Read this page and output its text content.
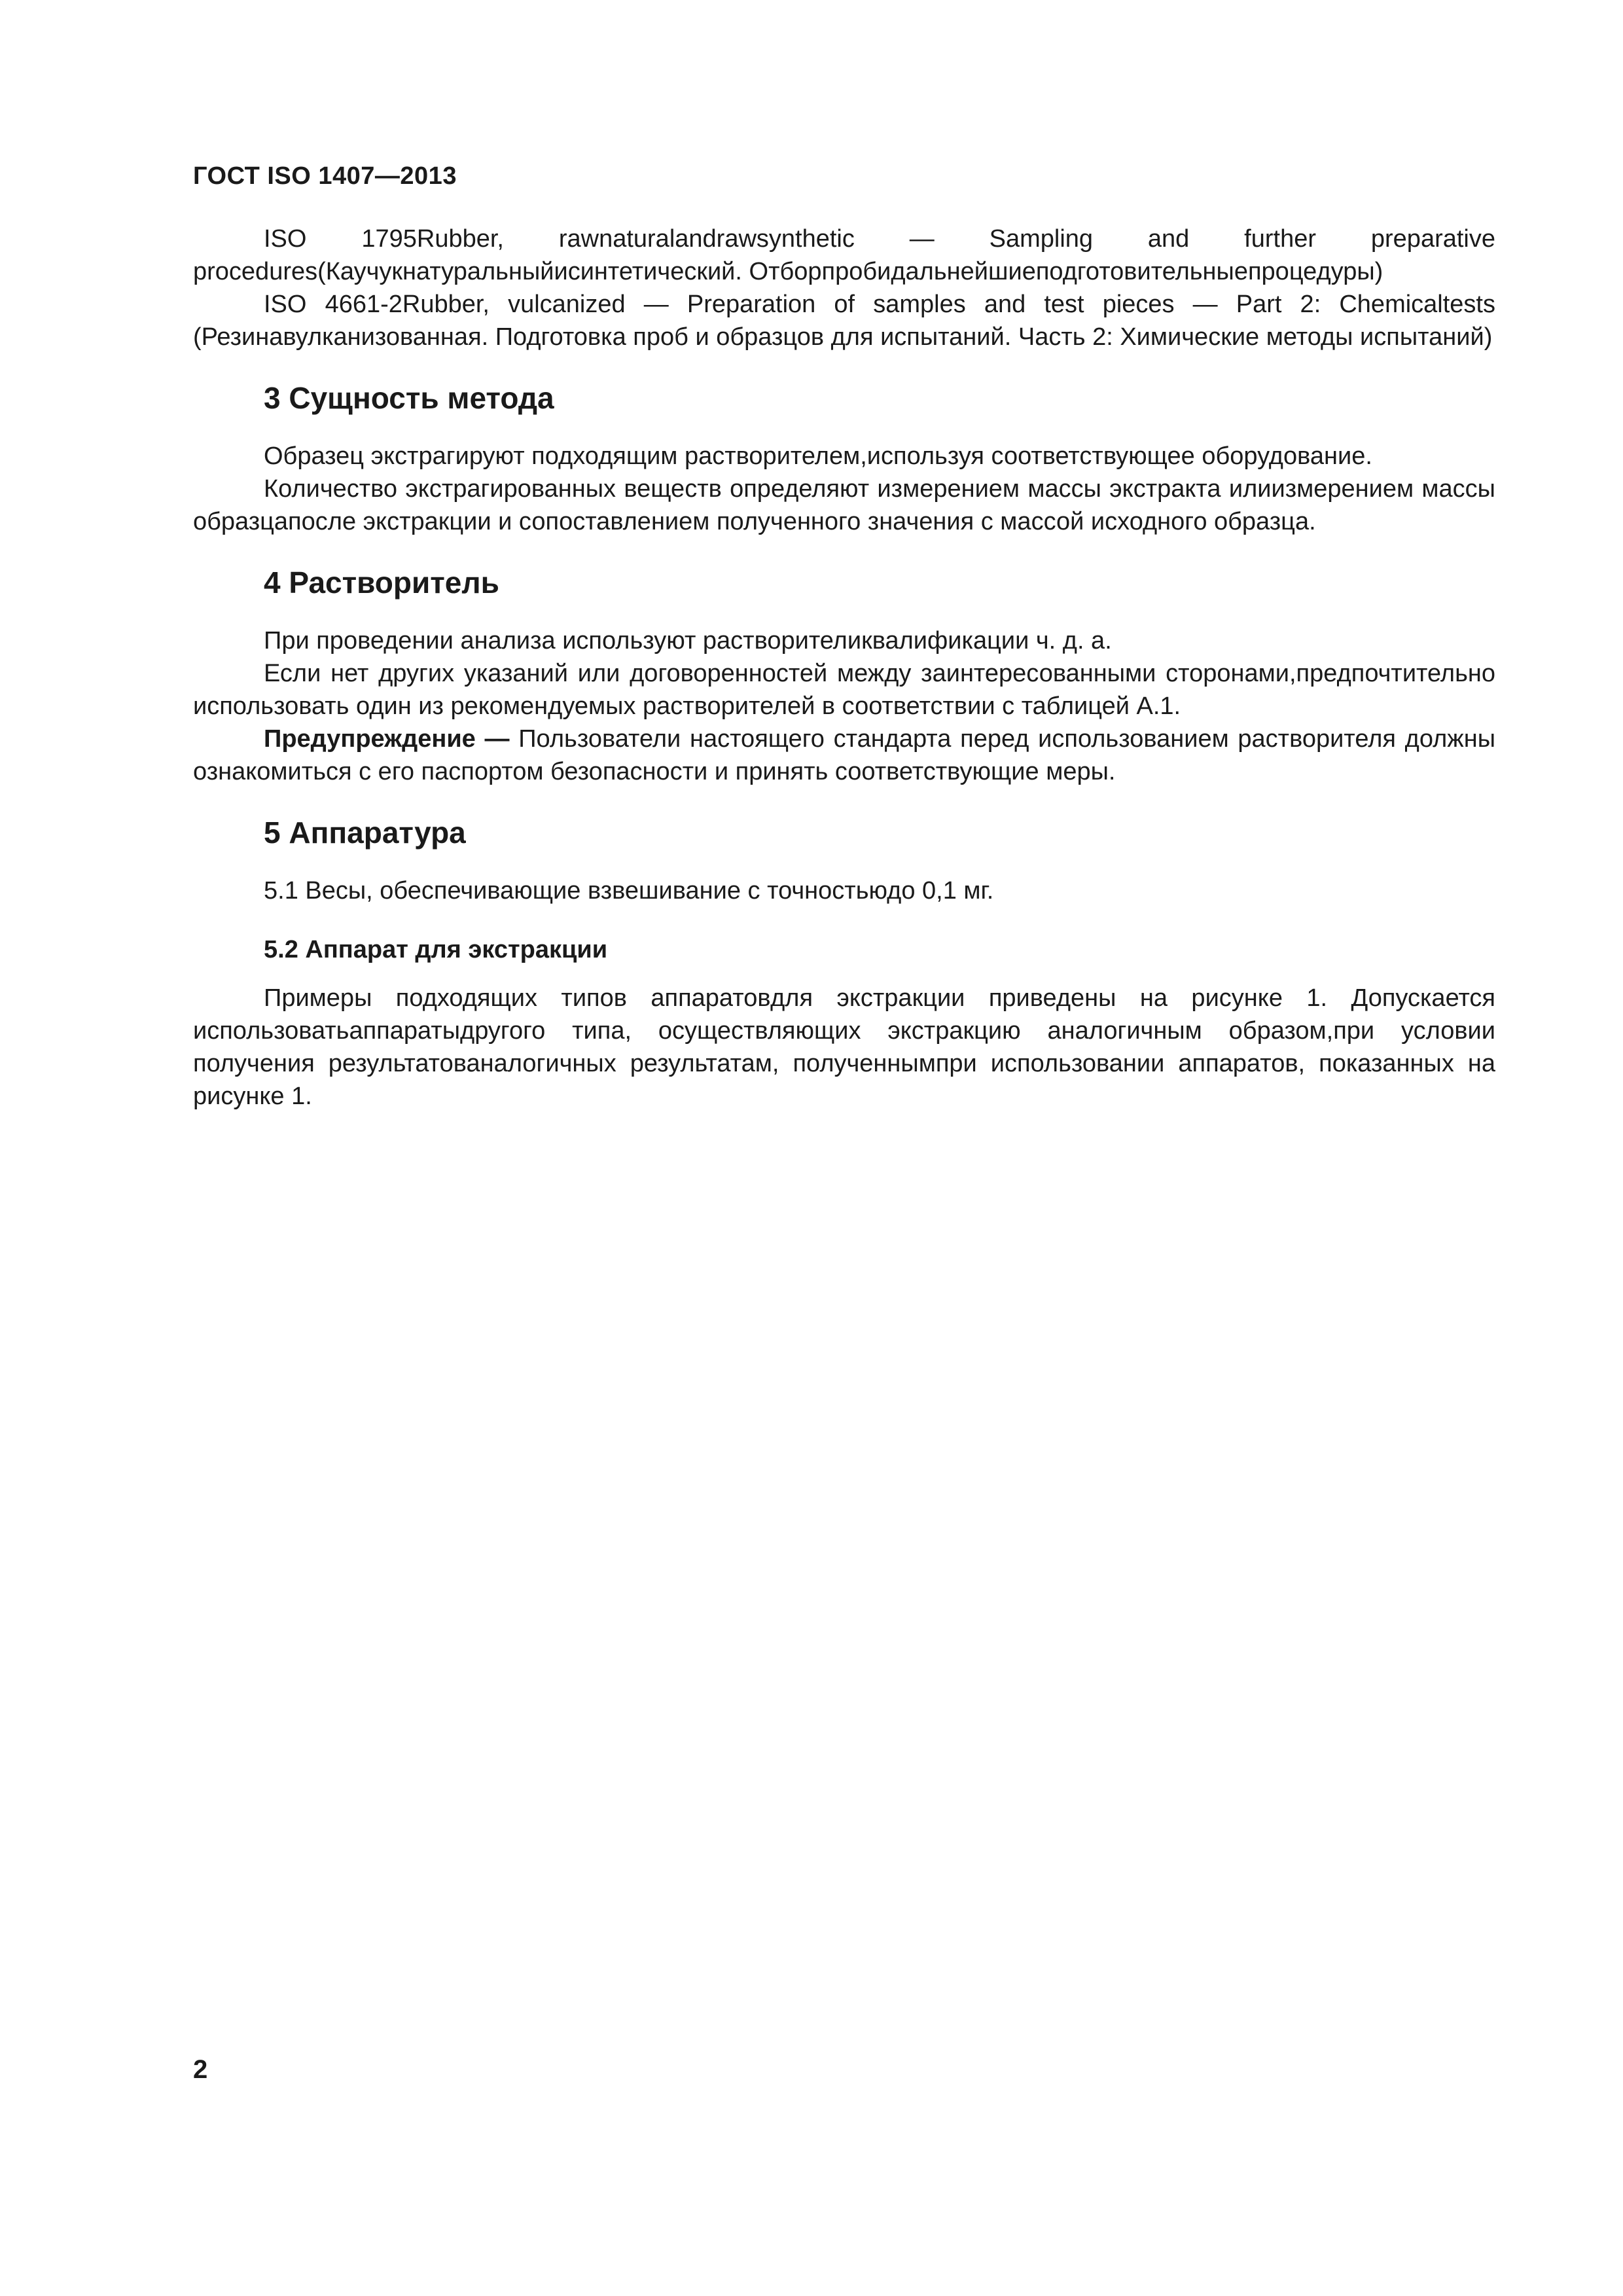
ГОСТ ISO 1407—2013

ISO 1795Rubber, rawnaturalandrawsynthetic — Sampling and further preparative procedures(Каучукнатуральныйисинтетический. Отборпробидальнейшиеподготовительныепроцедуры)

ISO 4661-2Rubber, vulcanized — Preparation of samples and test pieces — Part 2: Chemicaltests (Резинавулканизованная. Подготовка проб и образцов для испытаний. Часть 2: Химические методы испытаний)

3 Сущность метода

Образец экстрагируют подходящим растворителем,используя соответствующее оборудование.

Количество экстрагированных веществ определяют измерением массы экстракта илиизмерением массы образцапосле экстракции и сопоставлением полученного значения с массой исходного образца.

4 Растворитель

При проведении анализа используют растворителиквалификации ч. д. а.

Если нет других указаний или договоренностей между заинтересованными сторонами,предпочтительно использовать один из рекомендуемых растворителей в соответствии с таблицей А.1.

Предупреждение — Пользователи настоящего стандарта перед использованием растворителя должны ознакомиться с его паспортом безопасности и принять соответствующие меры.

5 Аппаратура

5.1 Весы, обеспечивающие взвешивание с точностьюдо 0,1 мг.

5.2 Аппарат для экстракции

Примеры подходящих типов аппаратовдля экстракции приведены на рисунке 1. Допускается использоватьаппаратыдругого типа, осуществляющих экстракцию аналогичным образом,при условии получения результатованалогичных результатам, полученнымпри использовании аппаратов, показанных на рисунке 1.

2
